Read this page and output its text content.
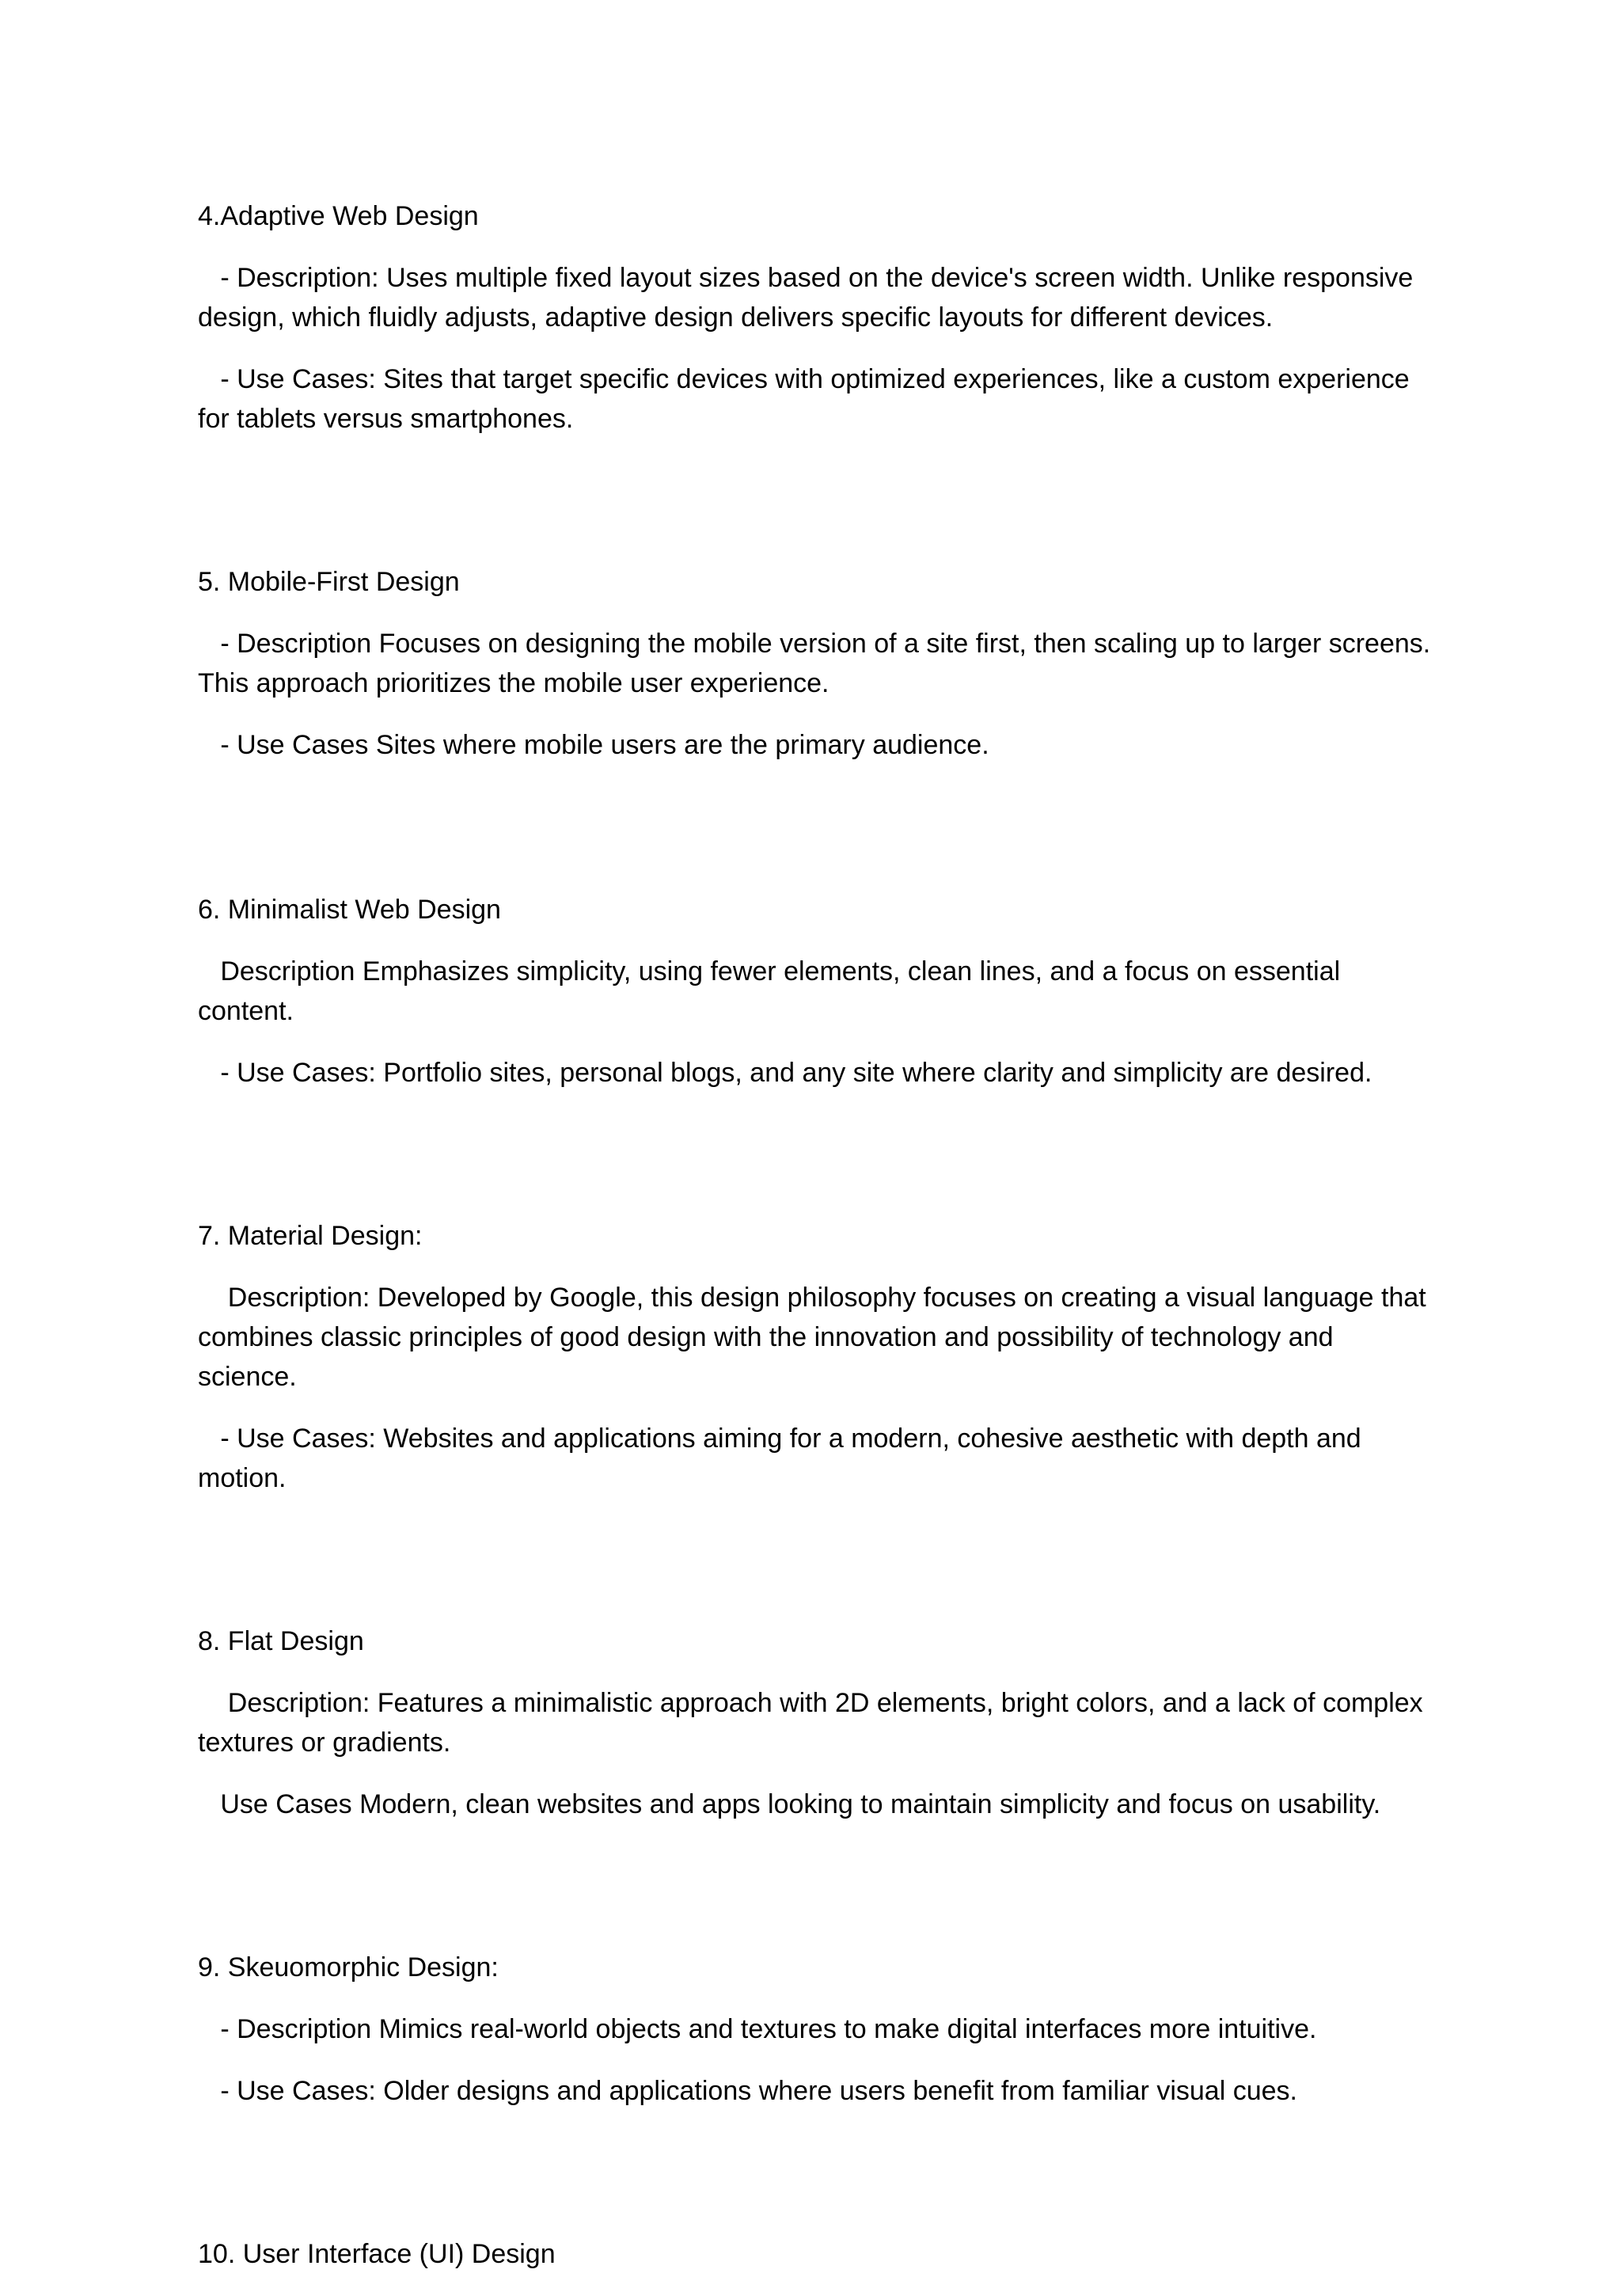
4.Adaptive Web Design

- Description: Uses multiple fixed layout sizes based on the device's screen width. Unlike responsive design, which fluidly adjusts, adaptive design delivers specific layouts for different devices.

- Use Cases: Sites that target specific devices with optimized experiences, like a custom experience for tablets versus smartphones.

5. Mobile-First Design

- Description Focuses on designing the mobile version of a site first, then scaling up to larger screens. This approach prioritizes the mobile user experience.

- Use Cases Sites where mobile users are the primary audience.

6. Minimalist Web Design

Description Emphasizes simplicity, using fewer elements, clean lines, and a focus on essential content.

- Use Cases: Portfolio sites, personal blogs, and any site where clarity and simplicity are desired.

7. Material Design:

Description: Developed by Google, this design philosophy focuses on creating a visual language that combines classic principles of good design with the innovation and possibility of technology and science.

- Use Cases: Websites and applications aiming for a modern, cohesive aesthetic with depth and motion.

8. Flat Design

Description: Features a minimalistic approach with 2D elements, bright colors, and a lack of complex textures or gradients.

Use Cases Modern, clean websites and apps looking to maintain simplicity and focus on usability.

9. Skeuomorphic Design:

- Description Mimics real-world objects and textures to make digital interfaces more intuitive.

- Use Cases: Older designs and applications where users benefit from familiar visual cues.

10. User Interface (UI) Design
